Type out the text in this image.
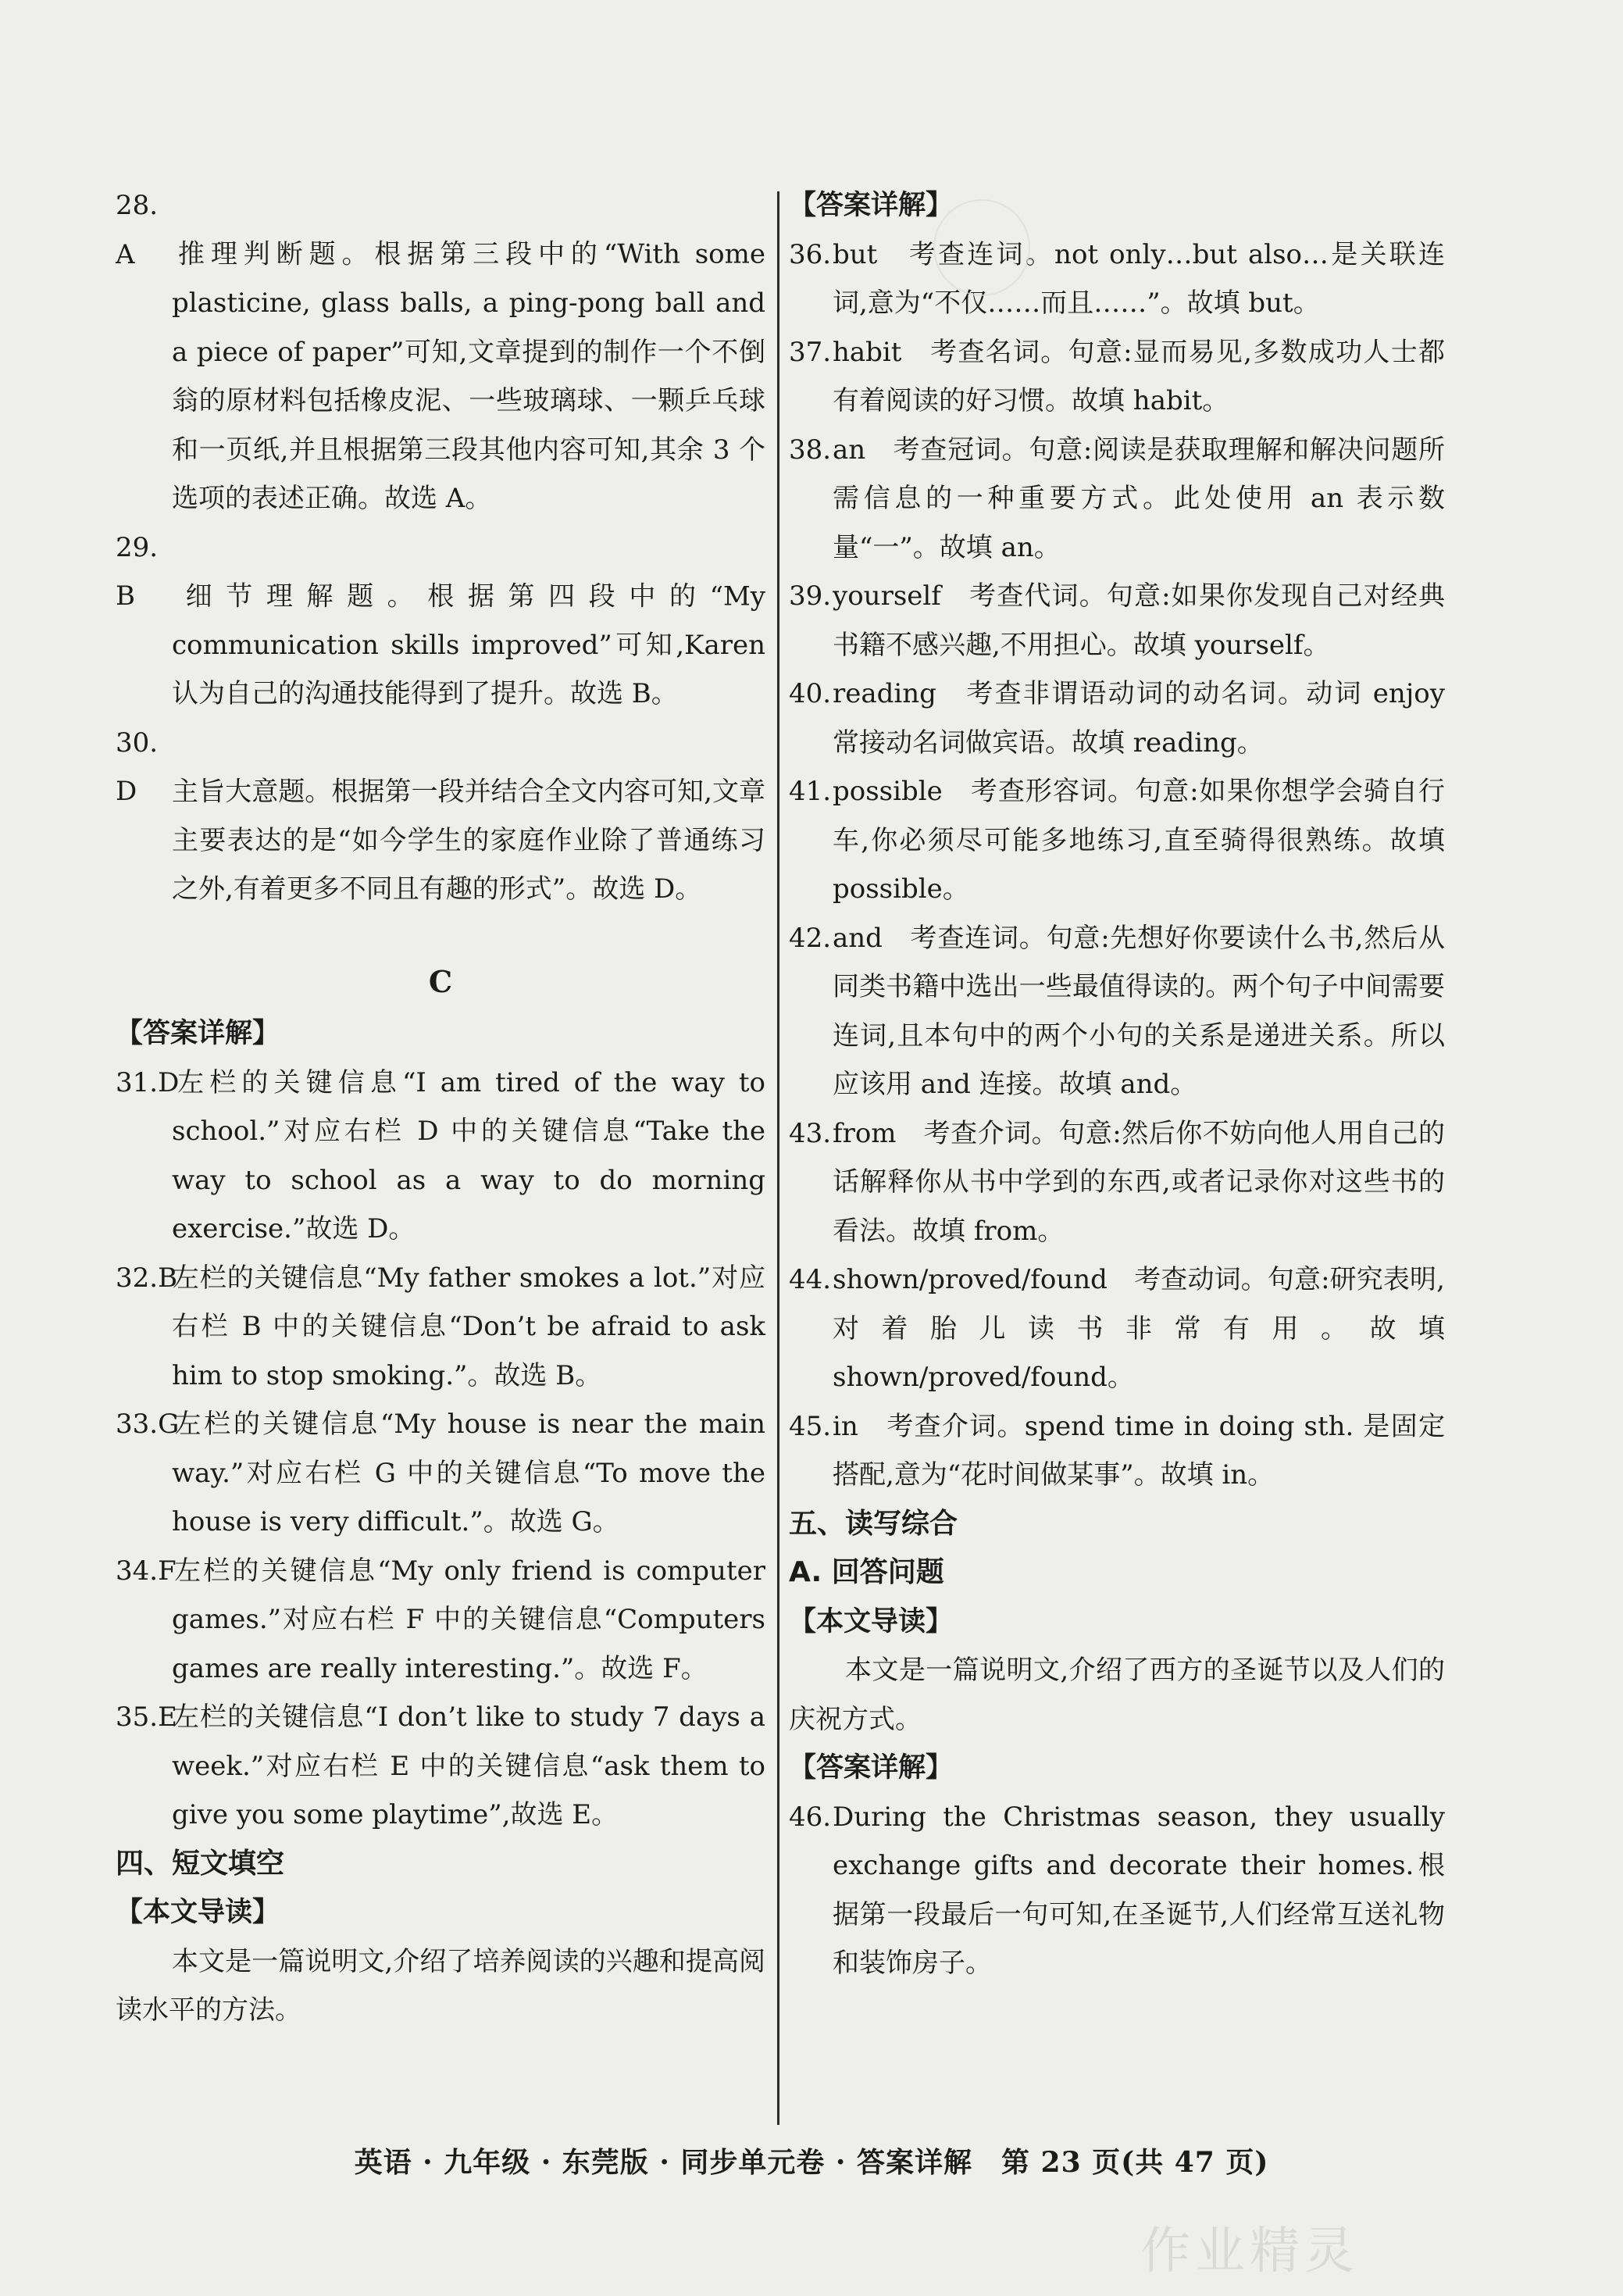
28. A 推理判断题。根据第三段中的“With some plasticine, glass balls, a ping-pong ball and a piece of paper”可知,文章提到的制作一个不倒翁的原材料包括橡皮泥、一些玻璃球、一颗乒乓球和一页纸,并且根据第三段其他内容可知,其余 3 个选项的表述正确。故选 A。

29. B 细节理解题。根据第四段中的“My communication skills improved”可知,Karen 认为自己的沟通技能得到了提升。故选 B。

30. D 主旨大意题。根据第一段并结合全文内容可知,文章主要表达的是“如今学生的家庭作业除了普通练习之外,有着更多不同且有趣的形式”。故选 D。

C

【答案详解】

31.D左栏的关键信息“I am tired of the way to school.”对应右栏 D 中的关键信息“Take the way to school as a way to do morning exercise.”故选 D。

32.B左栏的关键信息“My father smokes a lot.”对应右栏 B 中的关键信息“Don’t be afraid to ask him to stop smoking.”。故选 B。

33.G左栏的关键信息“My house is near the main way.”对应右栏 G 中的关键信息“To move the house is very difficult.”。故选 G。

34.F左栏的关键信息“My only friend is computer games.”对应右栏 F 中的关键信息“Computers games are really interesting.”。故选 F。

35.E左栏的关键信息“I don’t like to study 7 days a week.”对应右栏 E 中的关键信息“ask them to give you some playtime”,故选 E。

四、短文填空

【本文导读】

本文是一篇说明文,介绍了培养阅读的兴趣和提高阅读水平的方法。

【答案详解】

36.but　考查连词。not only…but also…是关联连词,意为“不仅……而且……”。故填 but。

37.habit　考查名词。句意:显而易见,多数成功人士都有着阅读的好习惯。故填 habit。

38.an　考查冠词。句意:阅读是获取理解和解决问题所需信息的一种重要方式。此处使用 an 表示数量“一”。故填 an。

39.yourself　考查代词。句意:如果你发现自己对经典书籍不感兴趣,不用担心。故填 yourself。

40.reading　考查非谓语动词的动名词。动词 enjoy 常接动名词做宾语。故填 reading。

41.possible　考查形容词。句意:如果你想学会骑自行车,你必须尽可能多地练习,直至骑得很熟练。故填 possible。

42.and　考查连词。句意:先想好你要读什么书,然后从同类书籍中选出一些最值得读的。两个句子中间需要连词,且本句中的两个小句的关系是递进关系。所以应该用 and 连接。故填 and。

43.from　考查介词。句意:然后你不妨向他人用自己的话解释你从书中学到的东西,或者记录你对这些书的看法。故填 from。

44.shown/proved/found　考查动词。句意:研究表明,对着胎儿读书非常有用。故填 shown/proved/found。

45.in　考查介词。spend time in doing sth. 是固定搭配,意为“花时间做某事”。故填 in。

五、读写综合

A. 回答问题

【本文导读】

本文是一篇说明文,介绍了西方的圣诞节以及人们的庆祝方式。

【答案详解】

46.During the Christmas season, they usually exchange gifts and decorate their homes.根据第一段最后一句可知,在圣诞节,人们经常互送礼物和装饰房子。

英语 · 九年级 · 东莞版 · 同步单元卷 · 答案详解　第 23 页(共 47 页)
作业精灵
